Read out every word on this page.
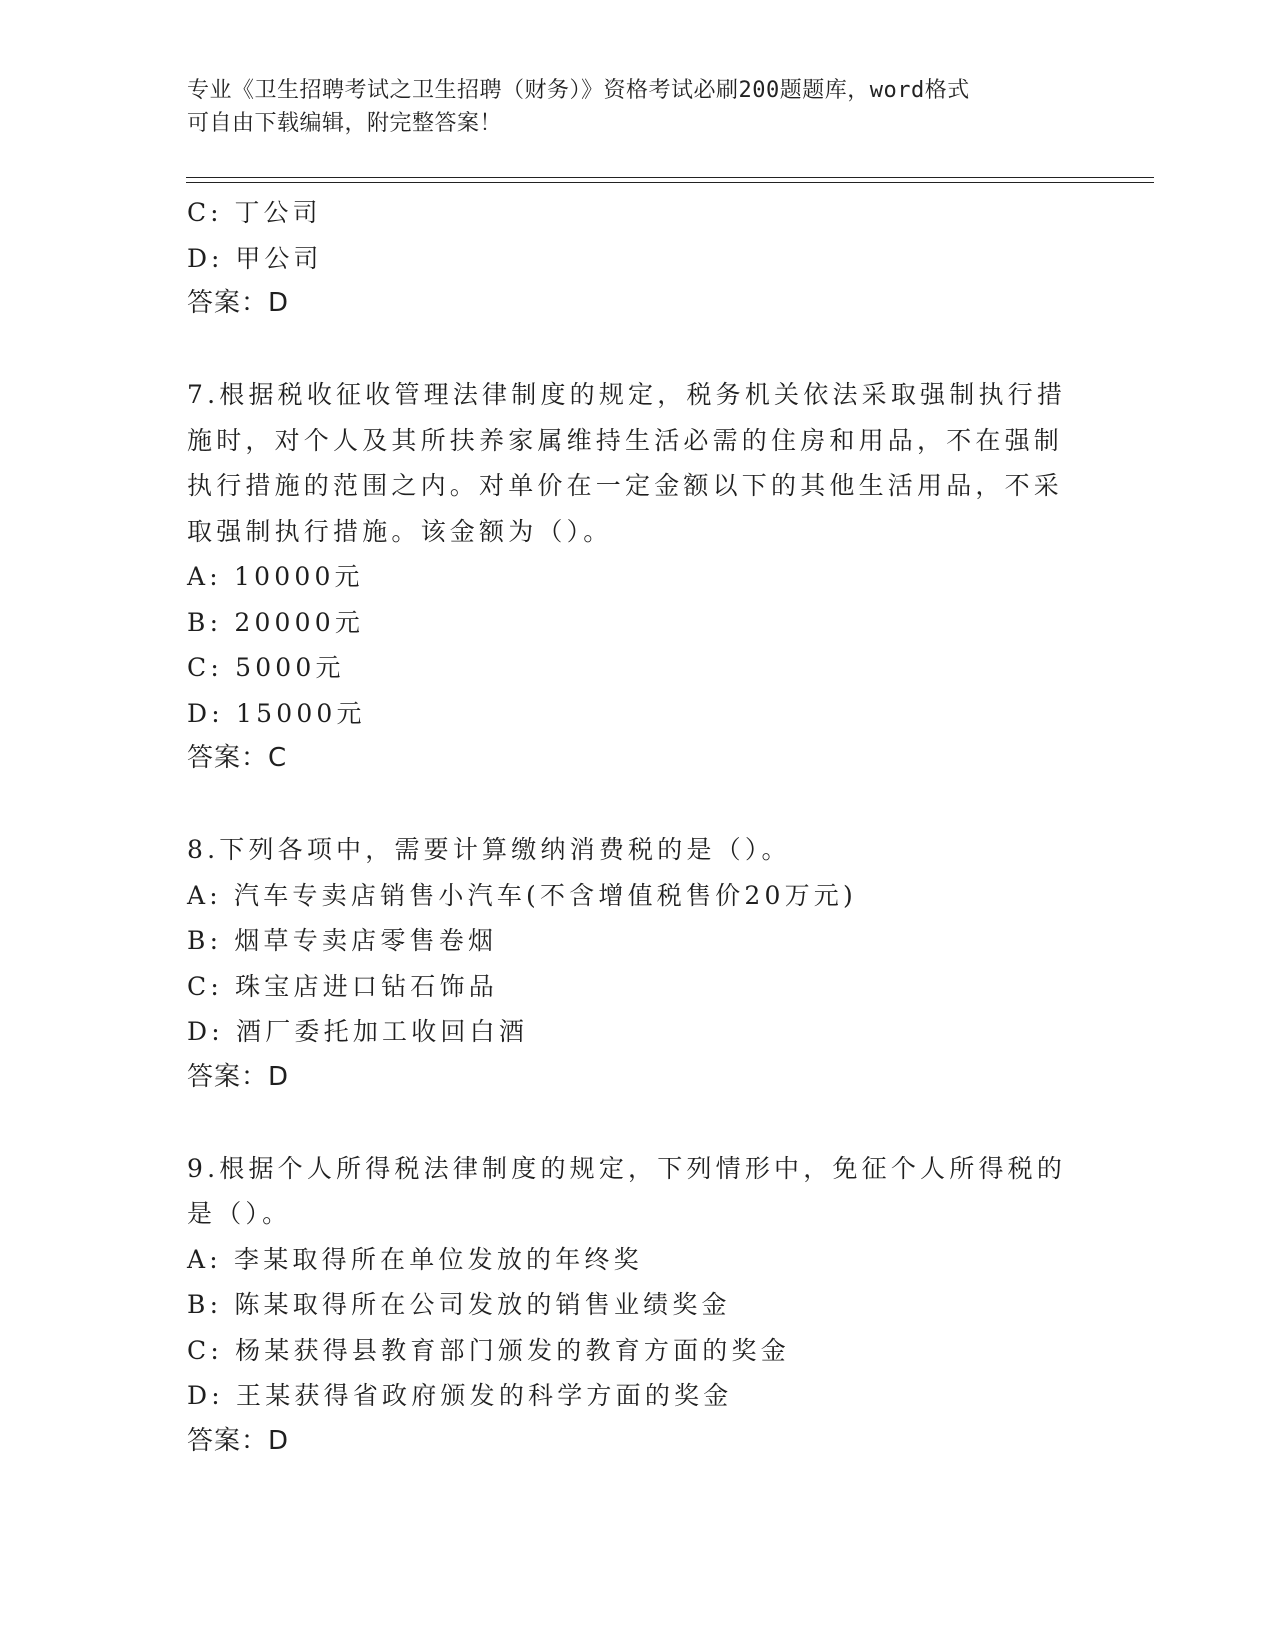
专业《卫生招聘考试之卫生招聘（财务）》资格考试必刷200题题库，word格式
可自由下载编辑，附完整答案！
C: 丁公司
D: 甲公司
答案：D
7.根据税收征收管理法律制度的规定，税务机关依法采取强制执行措
施时，对个人及其所扶养家属维持生活必需的住房和用品，不在强制
执行措施的范围之内。对单价在一定金额以下的其他生活用品，不采
取强制执行措施。该金额为（）。
A: 10000元
B: 20000元
C: 5000元
D: 15000元
答案：C
8.下列各项中，需要计算缴纳消费税的是（）。
A: 汽车专卖店销售小汽车(不含增值税售价20万元)
B: 烟草专卖店零售卷烟
C: 珠宝店进口钻石饰品
D: 酒厂委托加工收回白酒
答案：D
9.根据个人所得税法律制度的规定，下列情形中，免征个人所得税的
是（）。
A: 李某取得所在单位发放的年终奖
B: 陈某取得所在公司发放的销售业绩奖金
C: 杨某获得县教育部门颁发的教育方面的奖金
D: 王某获得省政府颁发的科学方面的奖金
答案：D
